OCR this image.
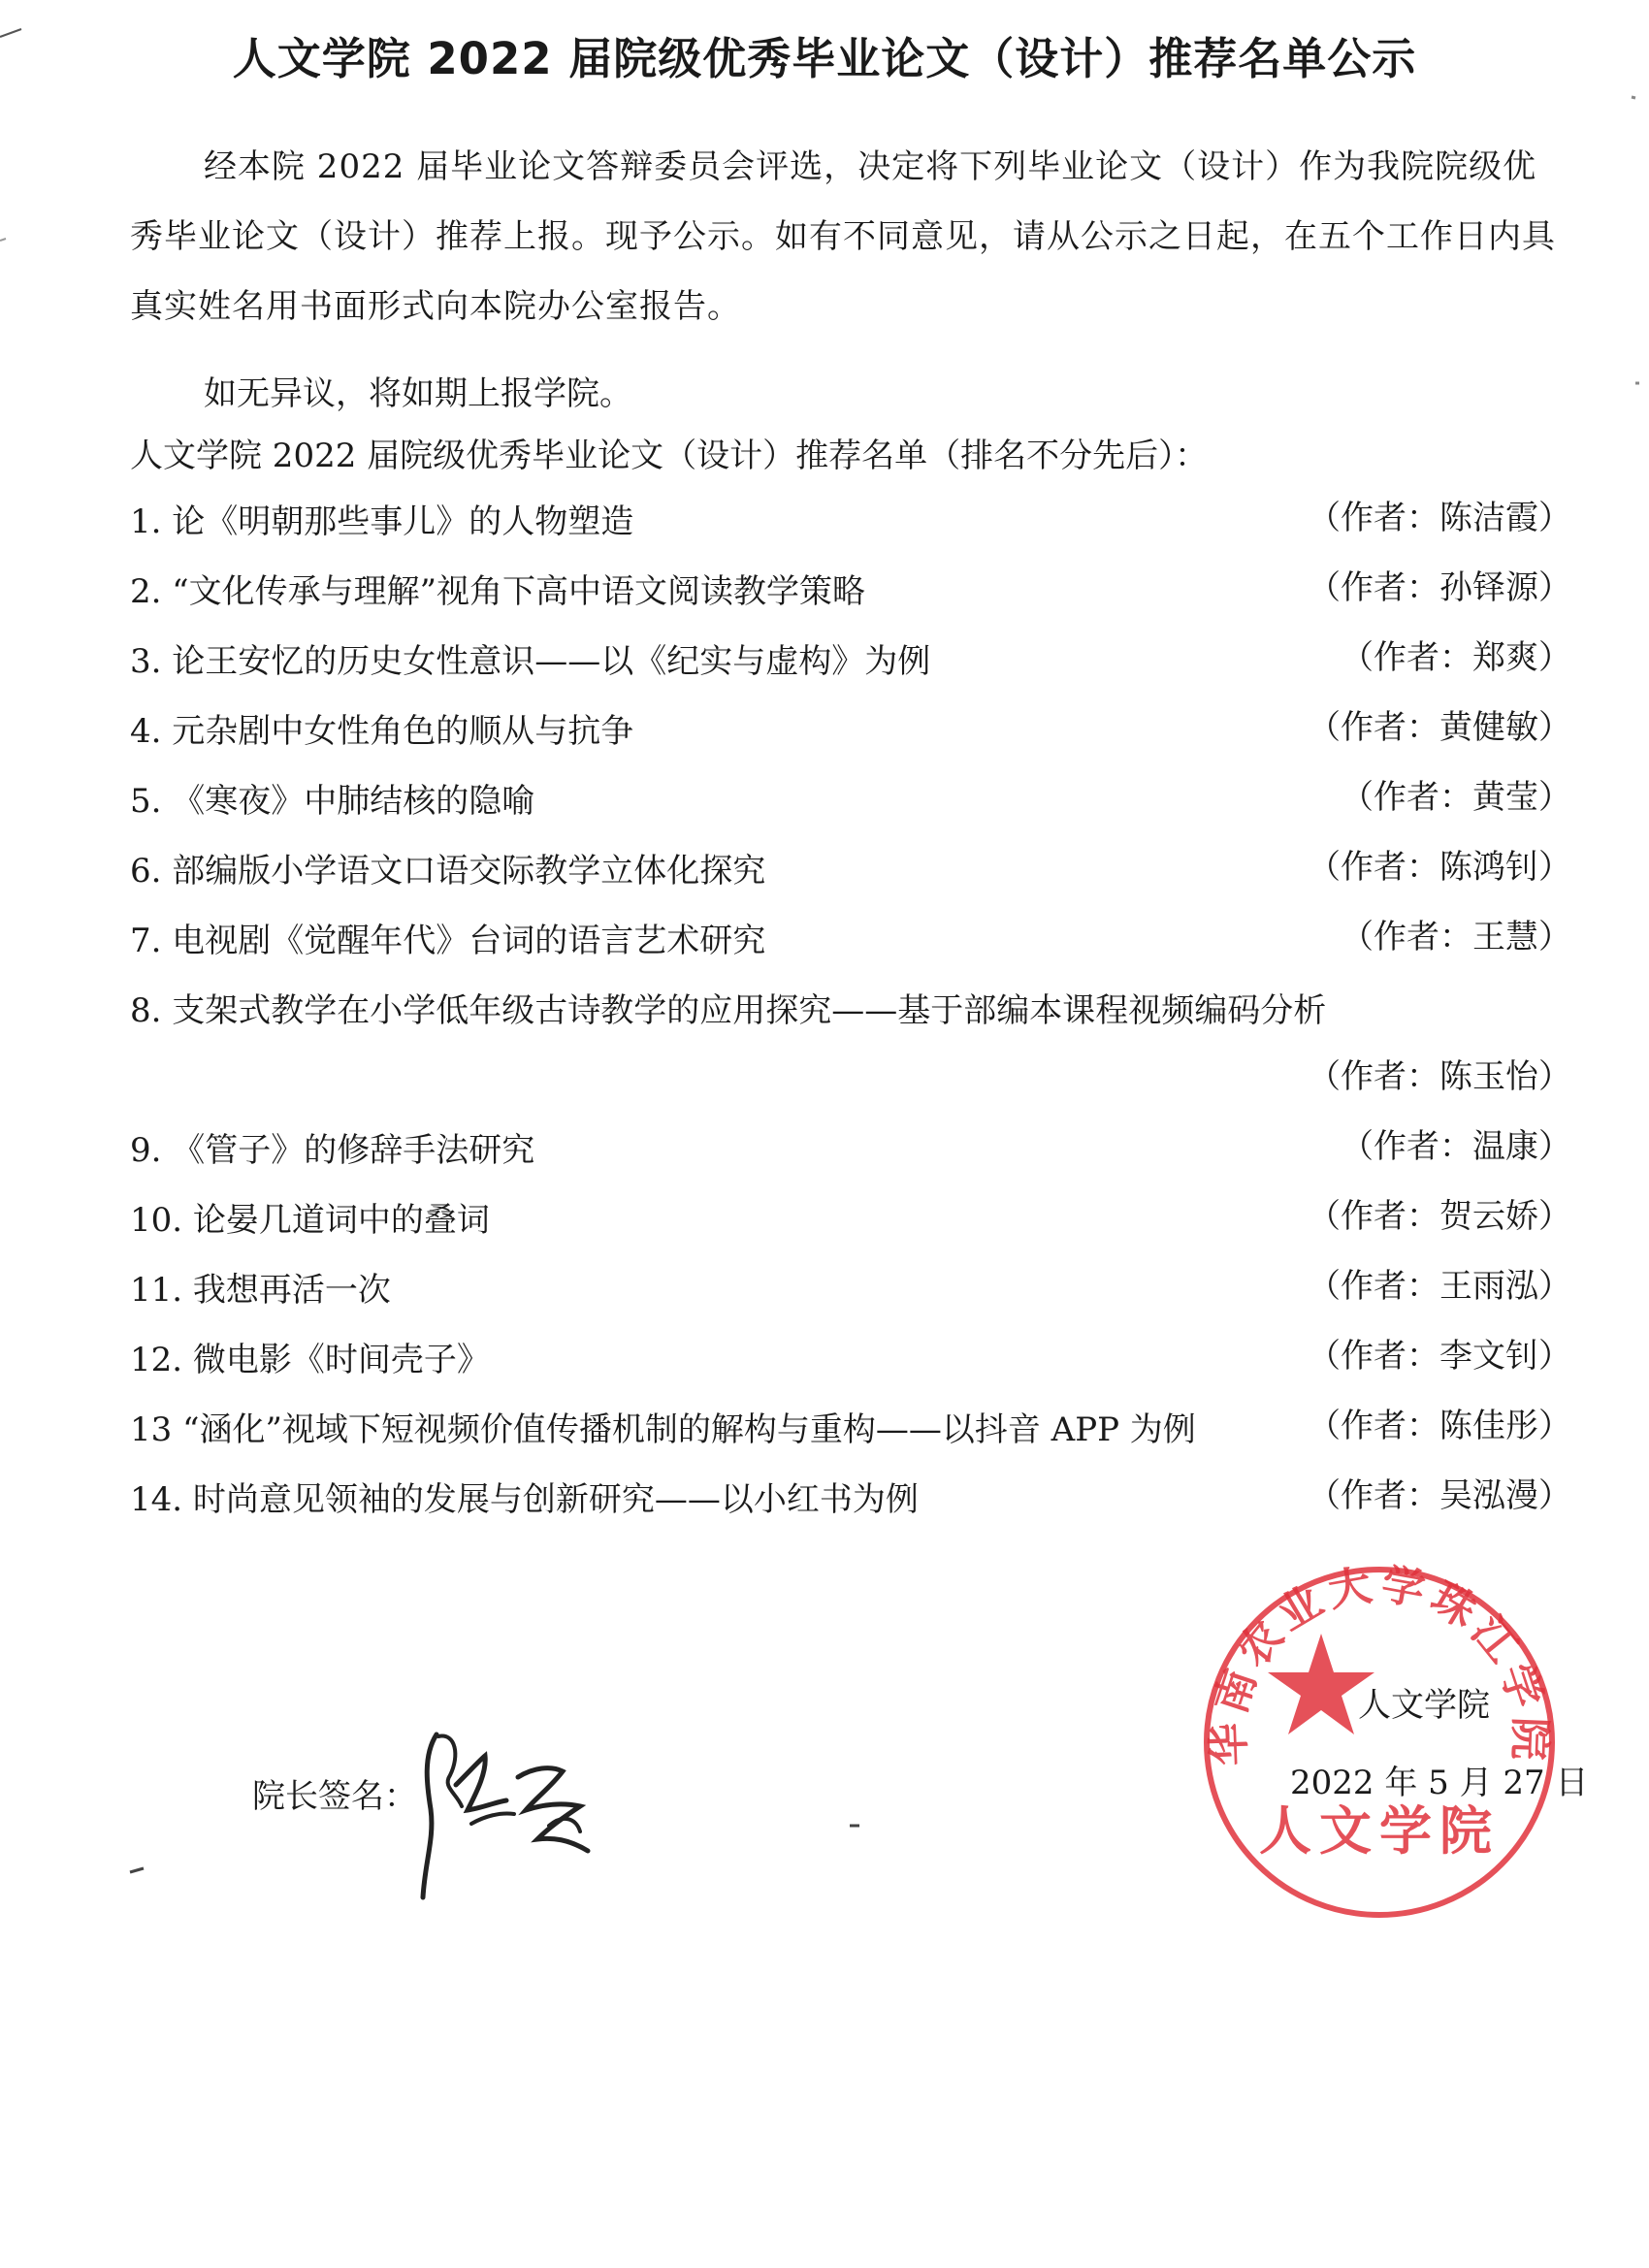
人文学院 2022 届院级优秀毕业论文（设计）推荐名单公示

经本院 2022 届毕业论文答辩委员会评选，决定将下列毕业论文（设计）作为我院院级优秀毕业论文（设计）推荐上报。现予公示。如有不同意见，请从公示之日起，在五个工作日内具真实姓名用书面形式向本院办公室报告。

如无异议，将如期上报学院。

人文学院 2022 届院级优秀毕业论文（设计）推荐名单（排名不分先后）：
1. 论《明朝那些事儿》的人物塑造	（作者：陈洁霞）
2. “文化传承与理解”视角下高中语文阅读教学策略	（作者：孙铎源）
3. 论王安忆的历史女性意识——以《纪实与虚构》为例	（作者：郑爽）
4. 元杂剧中女性角色的顺从与抗争	（作者：黄健敏）
5. 《寒夜》中肺结核的隐喻	（作者：黄莹）
6. 部编版小学语文口语交际教学立体化探究	（作者：陈鸿钊）
7. 电视剧《觉醒年代》台词的语言艺术研究	（作者：王慧）
8. 支架式教学在小学低年级古诗教学的应用探究——基于部编本课程视频编码分析
（作者：陈玉怡）
9. 《管子》的修辞手法研究	（作者：温康）
10. 论晏几道词中的叠词	（作者：贺云娇）
11. 我想再活一次	（作者：王雨泓）
12. 微电影《时间壳子》	（作者：李文钊）
13 “涵化”视域下短视频价值传播机制的解构与重构——以抖音 APP 为例	（作者：陈佳彤）
14. 时尚意见领袖的发展与创新研究——以小红书为例	（作者：吴泓漫）
华南农业大学珠江学院
人文学院
人文学院
2022 年 5 月 27 日
院长签名：
